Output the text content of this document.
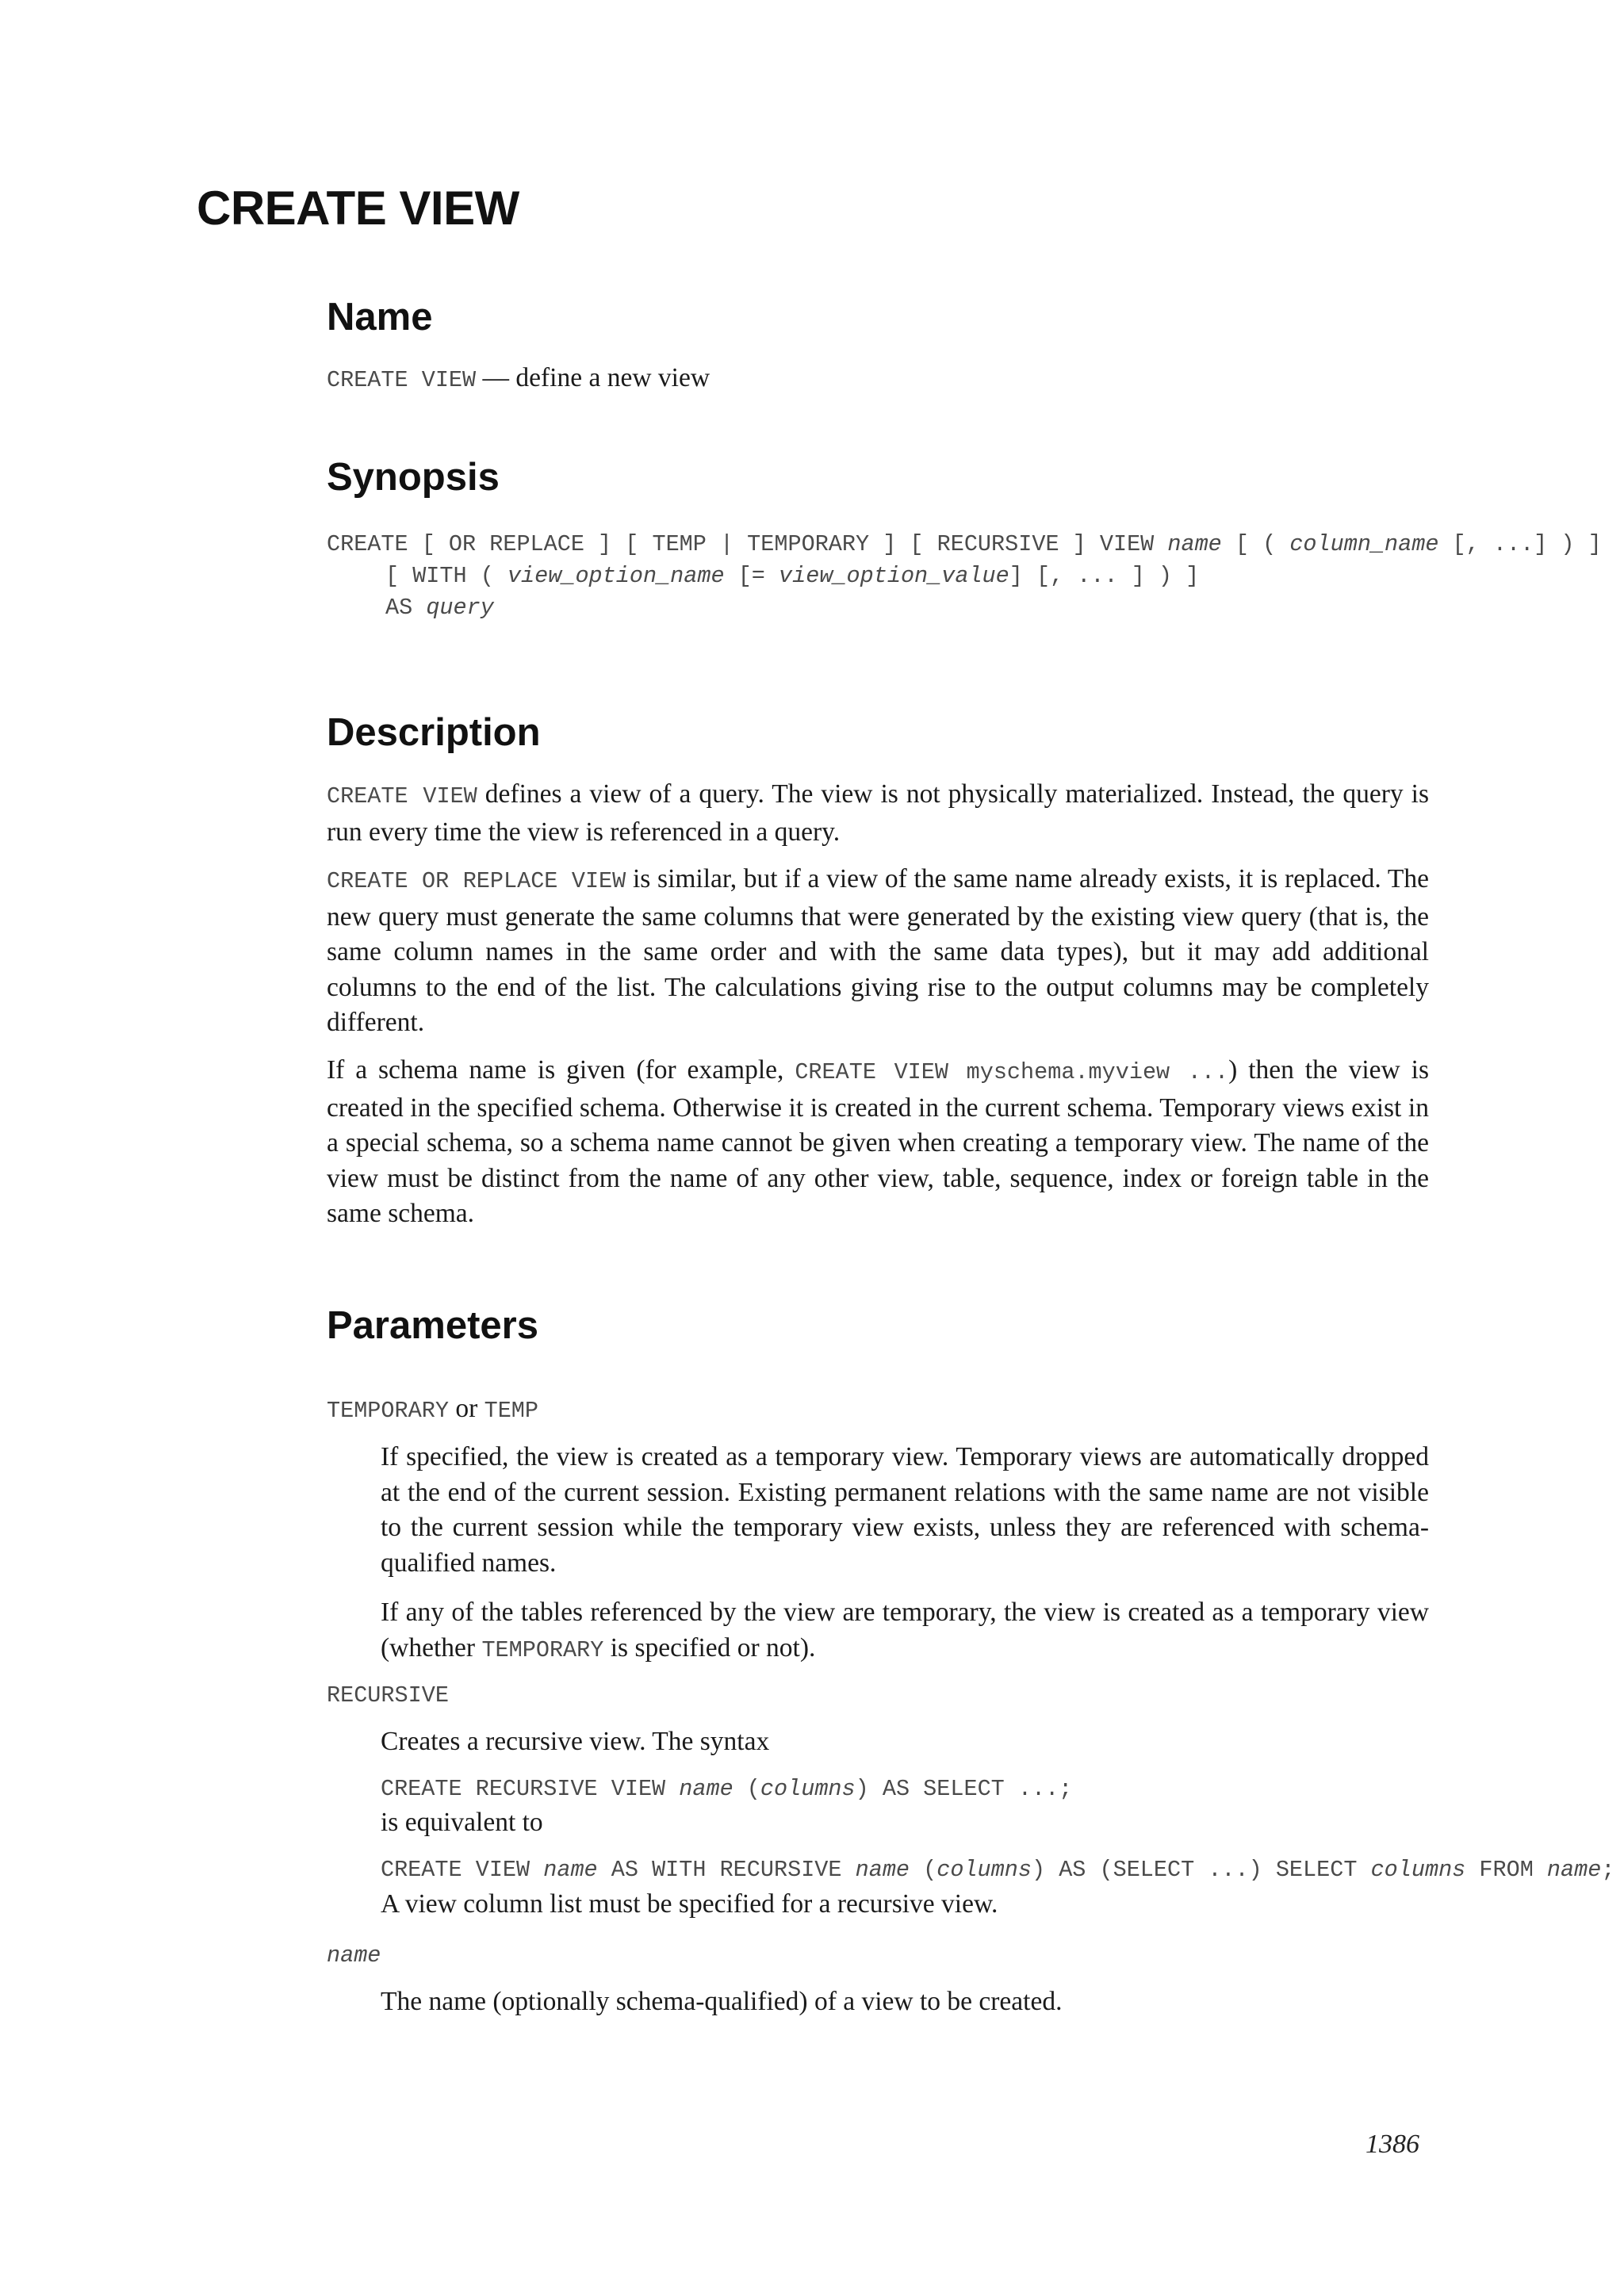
CREATE VIEW
Name
CREATE VIEW — define a new view
Synopsis
CREATE [ OR REPLACE ] [ TEMP | TEMPORARY ] [ RECURSIVE ] VIEW name [ ( column_name [, ...] ) ]
[ WITH ( view_option_name [= view_option_value] [, ... ] ) ]
AS query
Description
CREATE VIEW defines a view of a query. The view is not physically materialized. Instead, the query is run every time the view is referenced in a query.
CREATE OR REPLACE VIEW is similar, but if a view of the same name already exists, it is replaced. The new query must generate the same columns that were generated by the existing view query (that is, the same column names in the same order and with the same data types), but it may add additional columns to the end of the list. The calculations giving rise to the output columns may be completely different.
If a schema name is given (for example, CREATE VIEW myschema.myview ...) then the view is created in the specified schema. Otherwise it is created in the current schema. Temporary views exist in a special schema, so a schema name cannot be given when creating a temporary view. The name of the view must be distinct from the name of any other view, table, sequence, index or foreign table in the same schema.
Parameters
TEMPORARY or TEMP
If specified, the view is created as a temporary view. Temporary views are automatically dropped at the end of the current session. Existing permanent relations with the same name are not visible to the current session while the temporary view exists, unless they are referenced with schema-qualified names.
If any of the tables referenced by the view are temporary, the view is created as a temporary view (whether TEMPORARY is specified or not).
RECURSIVE
Creates a recursive view. The syntax
CREATE RECURSIVE VIEW name (columns) AS SELECT ...;
is equivalent to
CREATE VIEW name AS WITH RECURSIVE name (columns) AS (SELECT ...) SELECT columns FROM name;
A view column list must be specified for a recursive view.
name
The name (optionally schema-qualified) of a view to be created.
1386
